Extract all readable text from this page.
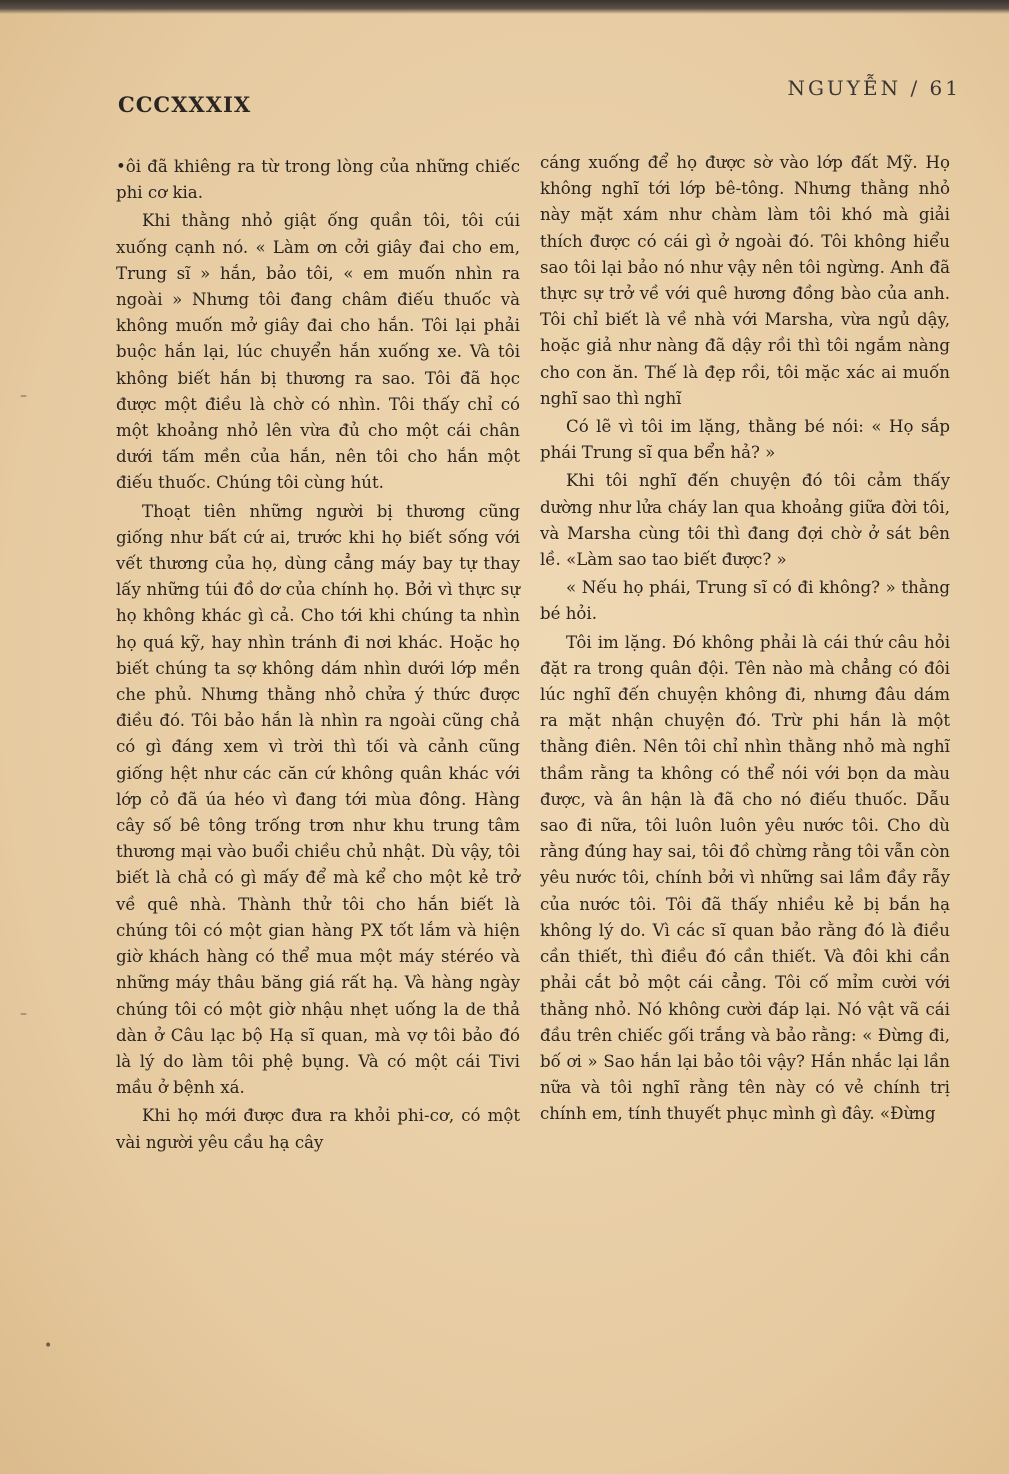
CCCXXXIX
NGUYỄN / 61

•ôi đã khiêng ra từ trong lòng của những chiếc phi cơ kia.

Khi thằng nhỏ giật ống quần tôi, tôi cúi xuống cạnh nó. « Làm ơn cởi giây đai cho em, Trung sĩ » hắn, bảo tôi, « em muốn nhìn ra ngoài » Nhưng tôi đang châm điếu thuốc và không muốn mở giây đai cho hắn. Tôi lại phải buộc hắn lại, lúc chuyển hắn xuống xe. Và tôi không biết hắn bị thương ra sao. Tôi đã học được một điều là chờ có nhìn. Tôi thấy chỉ có một khoảng nhỏ lên vừa đủ cho một cái chân dưới tấm mền của hắn, nên tôi cho hắn một điếu thuốc. Chúng tôi cùng hút.

Thoạt tiên những người bị thương cũng giống như bất cứ ai, trước khi họ biết sống với vết thương của họ, dùng cẳng máy bay tự thay lấy những túi đồ dơ của chính họ. Bởi vì thực sự họ không khác gì cả. Cho tới khi chúng ta nhìn họ quá kỹ, hay nhìn tránh đi nơi khác. Hoặc họ biết chúng ta sợ không dám nhìn dưới lớp mền che phủ. Nhưng thằng nhỏ chửa ý thức được điều đó. Tôi bảo hắn là nhìn ra ngoài cũng chả có gì đáng xem vì trời thì tối và cảnh cũng giống hệt như các căn cứ không quân khác với lớp cỏ đã úa héo vì đang tới mùa đông. Hàng cây số bê tông trống trơn như khu trung tâm thương mại vào buổi chiều chủ nhật. Dù vậy, tôi biết là chả có gì mấy để mà kể cho một kẻ trở về quê nhà. Thành thử tôi cho hắn biết là chúng tôi có một gian hàng PX tốt lắm và hiện giờ khách hàng có thể mua một máy stéréo và những máy thâu băng giá rất hạ. Và hàng ngày chúng tôi có một giờ nhậu nhẹt uống la de thả dàn ở Câu lạc bộ Hạ sĩ quan, mà vợ tôi bảo đó là lý do làm tôi phệ bụng. Và có một cái Tivi mầu ở bệnh xá.

Khi họ mới được đưa ra khỏi phi-cơ, có một vài người yêu cầu hạ cây

cáng xuống để họ được sờ vào lớp đất Mỹ. Họ không nghĩ tới lớp bê-tông. Nhưng thằng nhỏ này mặt xám như chàm làm tôi khó mà giải thích được có cái gì ở ngoài đó. Tôi không hiểu sao tôi lại bảo nó như vậy nên tôi ngừng. Anh đã thực sự trở về với quê hương đồng bào của anh. Tôi chỉ biết là về nhà với Marsha, vừa ngủ dậy, hoặc giả như nàng đã dậy rồi thì tôi ngắm nàng cho con ăn. Thế là đẹp rồi, tôi mặc xác ai muốn nghĩ sao thì nghĩ

Có lẽ vì tôi im lặng, thằng bé nói: « Họ sắp phái Trung sĩ qua bển hả? »

Khi tôi nghĩ đến chuyện đó tôi cảm thấy dường như lửa cháy lan qua khoảng giữa đời tôi, và Marsha cùng tôi thì đang đợi chờ ở sát bên lề. «Làm sao tao biết được? »

« Nếu họ phái, Trung sĩ có đi không? » thằng bé hỏi.

Tôi im lặng. Đó không phải là cái thứ câu hỏi đặt ra trong quân đội. Tên nào mà chẳng có đôi lúc nghĩ đến chuyện không đi, nhưng đâu dám ra mặt nhận chuyện đó. Trừ phi hắn là một thằng điên. Nên tôi chỉ nhìn thằng nhỏ mà nghĩ thầm rằng ta không có thể nói với bọn da màu được, và ân hận là đã cho nó điếu thuốc. Dẫu sao đi nữa, tôi luôn luôn yêu nước tôi. Cho dù rằng đúng hay sai, tôi đồ chừng rằng tôi vẫn còn yêu nước tôi, chính bởi vì những sai lầm đầy rẫy của nước tôi. Tôi đã thấy nhiều kẻ bị bắn hạ không lý do. Vì các sĩ quan bảo rằng đó là điều cần thiết, thì điều đó cần thiết. Và đôi khi cần phải cắt bỏ một cái cẳng. Tôi cố mỉm cười với thằng nhỏ. Nó không cười đáp lại. Nó vật vã cái đầu trên chiếc gối trắng và bảo rằng: « Đừng đi, bố ơi » Sao hắn lại bảo tôi vậy? Hắn nhắc lại lần nữa và tôi nghĩ rằng tên này có vẻ chính trị chính em, tính thuyết phục mình gì đây. «Đừng

–
–
•
